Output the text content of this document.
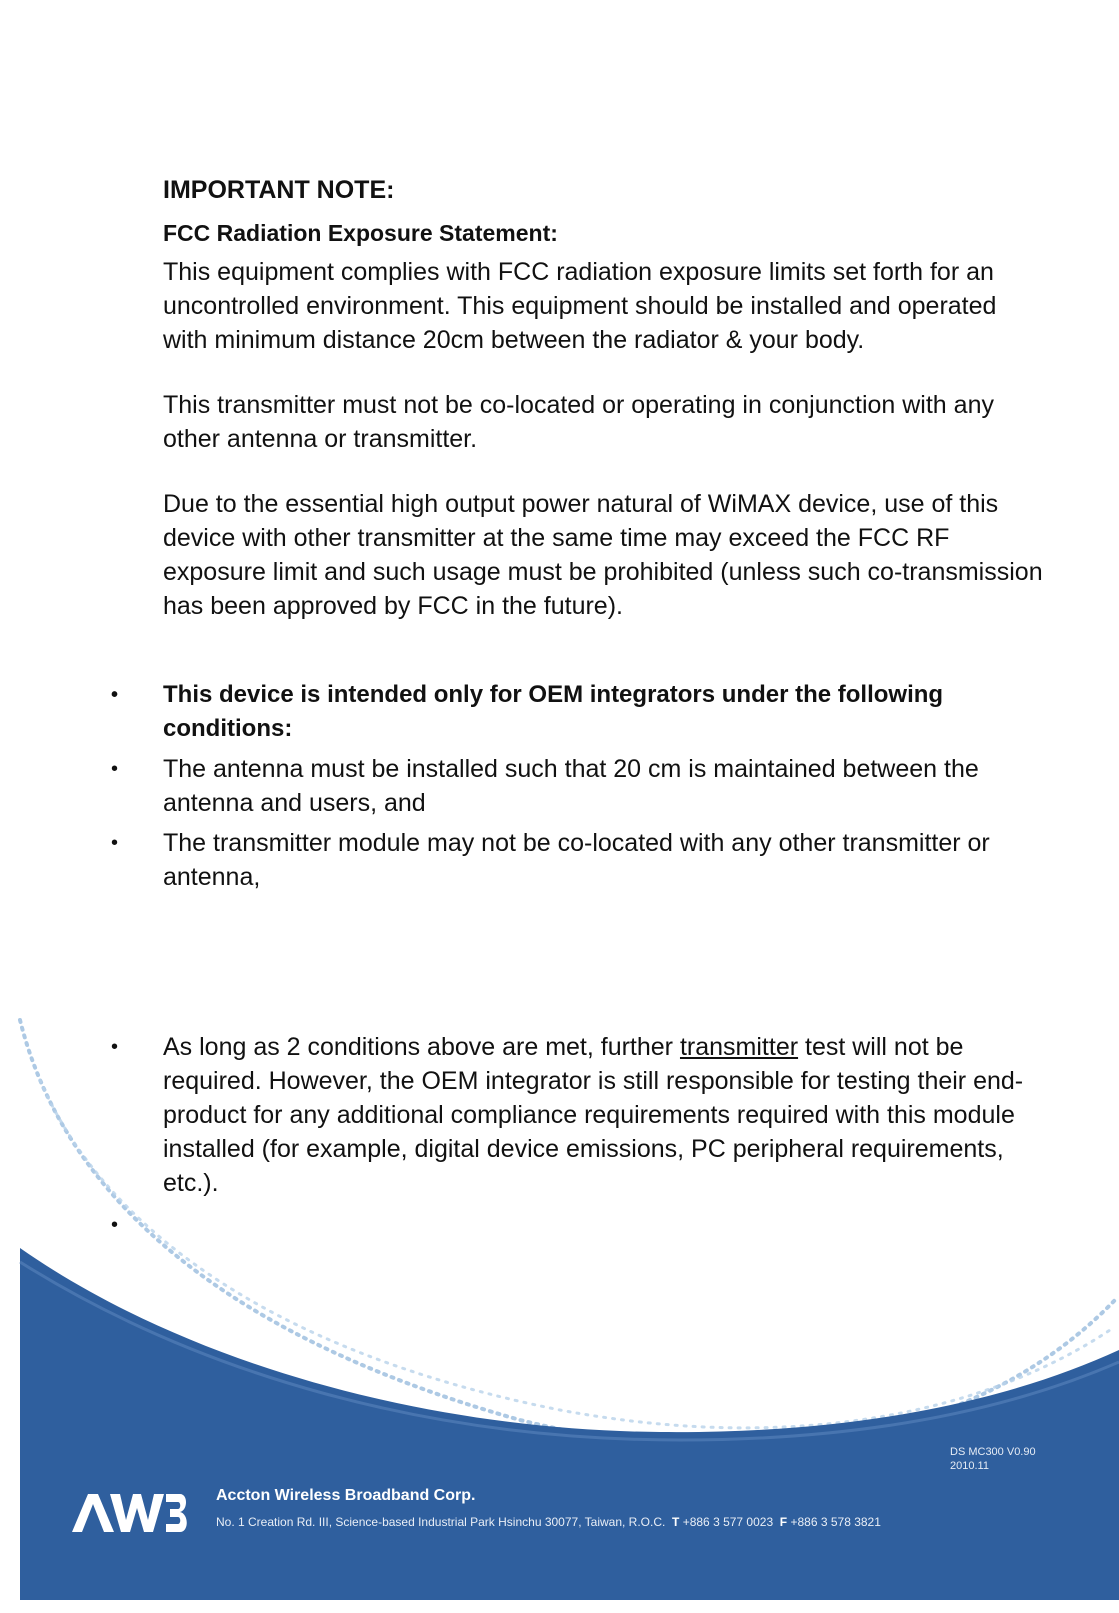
IMPORTANT NOTE:
FCC Radiation Exposure Statement:

This equipment complies with FCC radiation exposure limits set forth for an uncontrolled environment. This equipment should be installed and operated with minimum distance 20cm between the radiator & your body.

This transmitter must not be co-located or operating in conjunction with any other antenna or transmitter.

Due to the essential high output power natural of WiMAX device, use of this device with other transmitter at the same time may exceed the FCC RF exposure limit and such usage must be prohibited (unless such co-transmission has been approved by FCC in the future).

• This device is intended only for OEM integrators under the following conditions:
• The antenna must be installed such that 20 cm is maintained between the antenna and users, and
• The transmitter module may not be co-located with any other transmitter or antenna,
• As long as 2 conditions above are met, further transmitter test will not be required. However, the OEM integrator is still responsible for testing their end-product for any additional compliance requirements required with this module installed (for example, digital device emissions, PC peripheral requirements, etc.).
•

DS MC300 V0.90
2010.11
Accton Wireless Broadband Corp.
No. 1 Creation Rd. III, Science-based Industrial Park Hsinchu 30077, Taiwan, R.O.C. T +886 3 577 0023 F +886 3 578 3821
